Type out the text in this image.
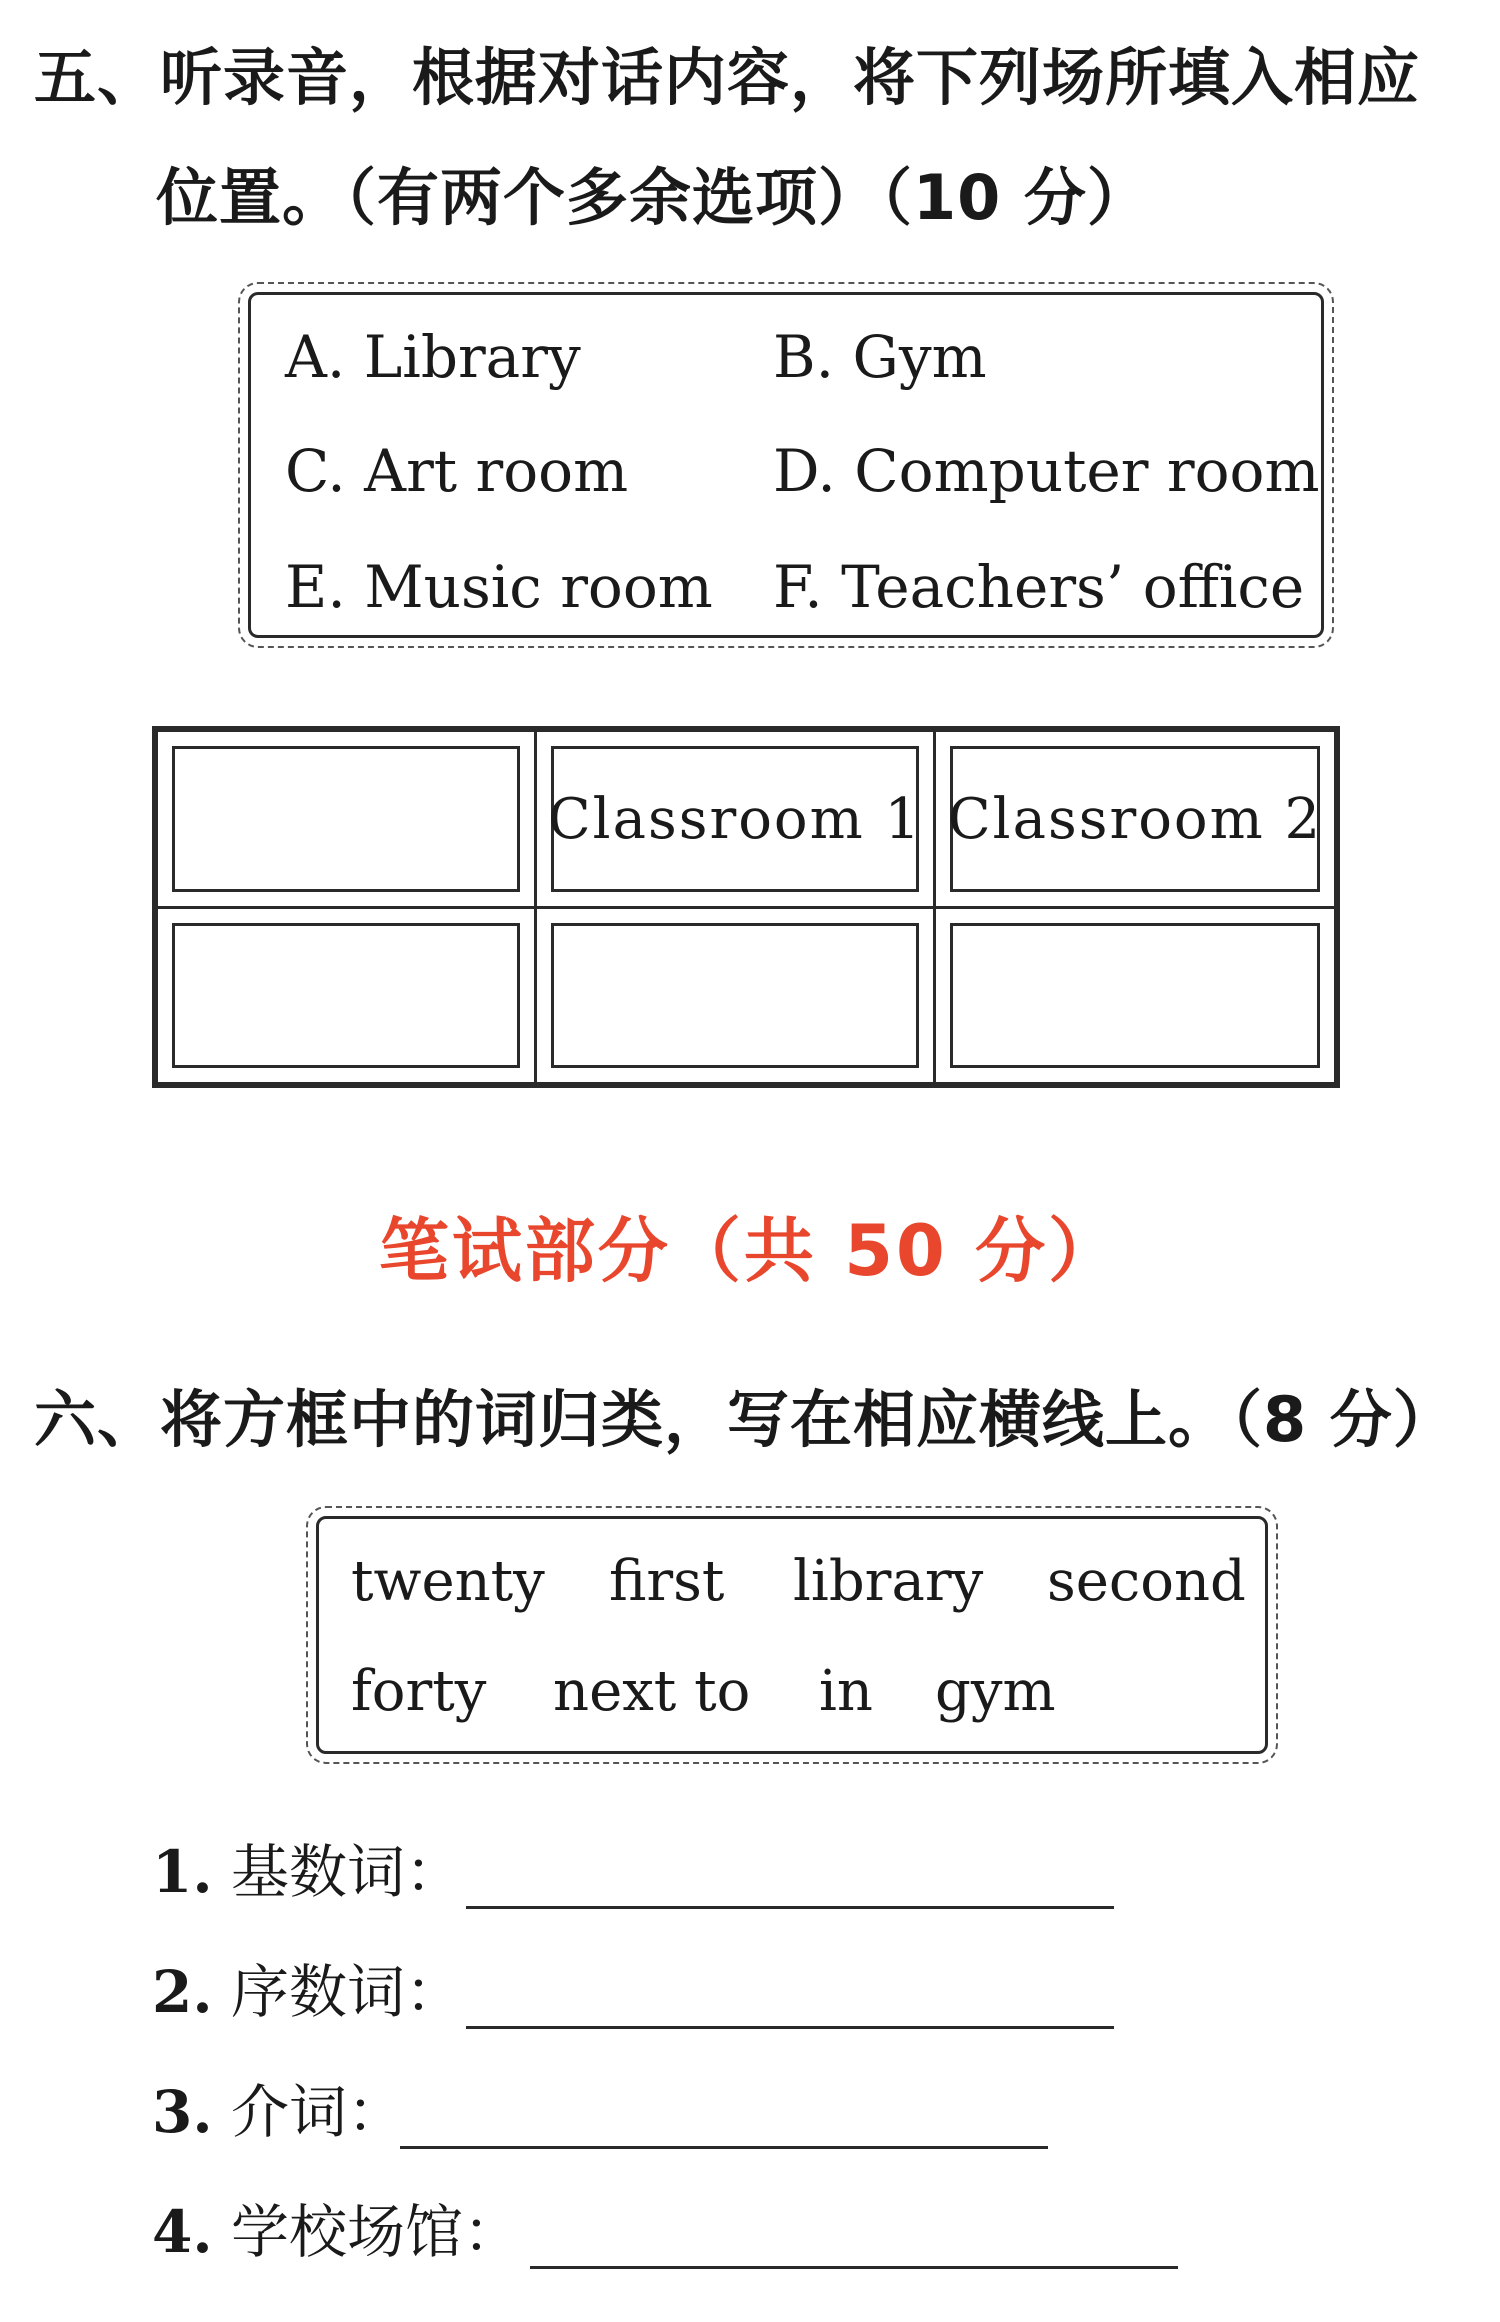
五、听录音，根据对话内容，将下列场所填入相应
位置。（有两个多余选项）（10 分）
A. Library	B. Gym
C. Art room D. Computer room
E. Music room F. Teachers’ office
Classroom 1 Classroom 2
笔试部分（共 50 分）
六、将方框中的词归类，写在相应横线上。（8 分）
twenty first library second
forty next to in gym
1. 基数词：
2. 序数词：
3. 介词：
4. 学校场馆：
